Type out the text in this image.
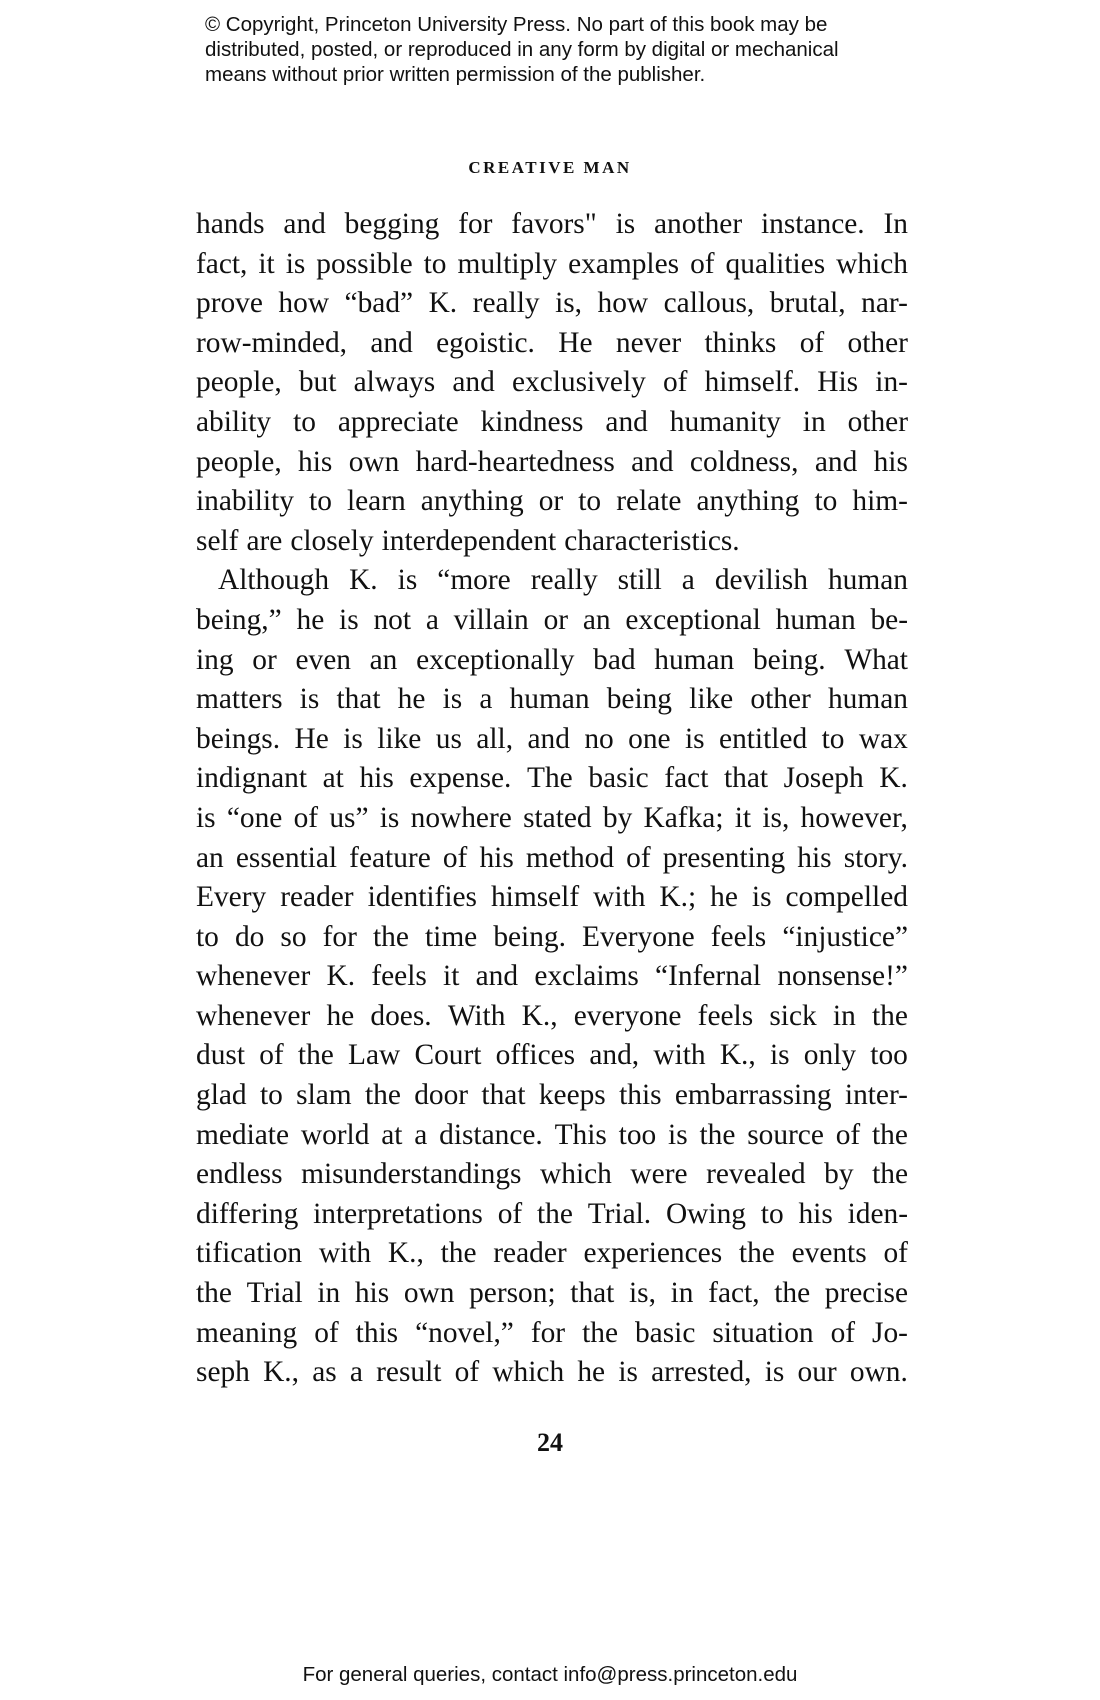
© Copyright, Princeton University Press. No part of this book may be
distributed, posted, or reproduced in any form by digital or mechanical
means without prior written permission of the publisher.
CREATIVE MAN
hands and begging for favors" is another instance. In
fact, it is possible to multiply examples of qualities which
prove how “bad” K. really is, how callous, brutal, nar-
row-minded, and egoistic. He never thinks of other
people, but always and exclusively of himself. His in-
ability to appreciate kindness and humanity in other
people, his own hard-heartedness and coldness, and his
inability to learn anything or to relate anything to him-
self are closely interdependent characteristics.
Although K. is “more really still a devilish human
being,” he is not a villain or an exceptional human be-
ing or even an exceptionally bad human being. What
matters is that he is a human being like other human
beings. He is like us all, and no one is entitled to wax
indignant at his expense. The basic fact that Joseph K.
is “one of us” is nowhere stated by Kafka; it is, however,
an essential feature of his method of presenting his story.
Every reader identifies himself with K.; he is compelled
to do so for the time being. Everyone feels “injustice”
whenever K. feels it and exclaims “Infernal nonsense!”
whenever he does. With K., everyone feels sick in the
dust of the Law Court offices and, with K., is only too
glad to slam the door that keeps this embarrassing inter-
mediate world at a distance. This too is the source of the
endless misunderstandings which were revealed by the
differing interpretations of the Trial. Owing to his iden-
tification with K., the reader experiences the events of
the Trial in his own person; that is, in fact, the precise
meaning of this “novel,” for the basic situation of Jo-
seph K., as a result of which he is arrested, is our own.
24
For general queries, contact info@press.princeton.edu
